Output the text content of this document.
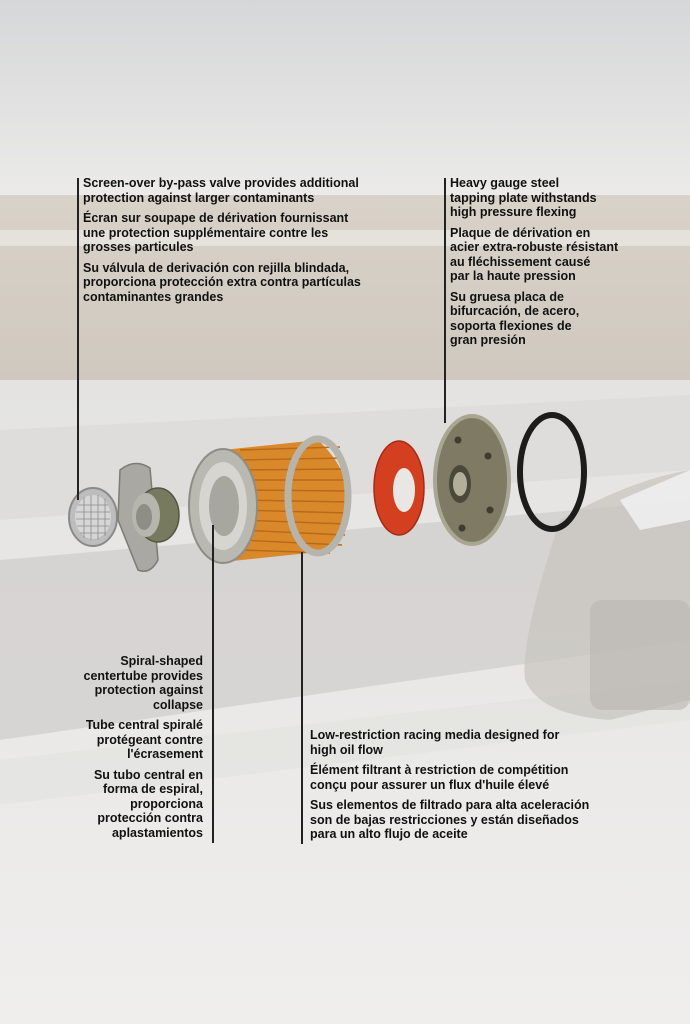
Screen-over by-pass valve provides additional
protection against larger contaminants

Écran sur soupape de dérivation fournissant
une protection supplémentaire contre les
grosses particules

Su válvula de derivación con rejilla blindada,
proporciona protección extra contra partículas
contaminantes grandes

Heavy gauge steel
tapping plate withstands
high pressure flexing

Plaque de dérivation en
acier extra-robuste résistant
au fléchissement causé
par la haute pression

Su gruesa placa de
bifurcación, de acero,
soporta flexiones de
gran presión

Spiral-shaped
centertube provides
protection against
collapse

Tube central spiralé
protégeant contre
l'écrasement

Su tubo central en
forma de espiral,
proporciona
protección contra
aplastamientos

Low-restriction racing media designed for
high oil flow

Élément filtrant à restriction de compétition
conçu pour assurer un flux d'huile élevé

Sus elementos de filtrado para alta aceleración
son de bajas restricciones y están diseñados
para un alto flujo de aceite
